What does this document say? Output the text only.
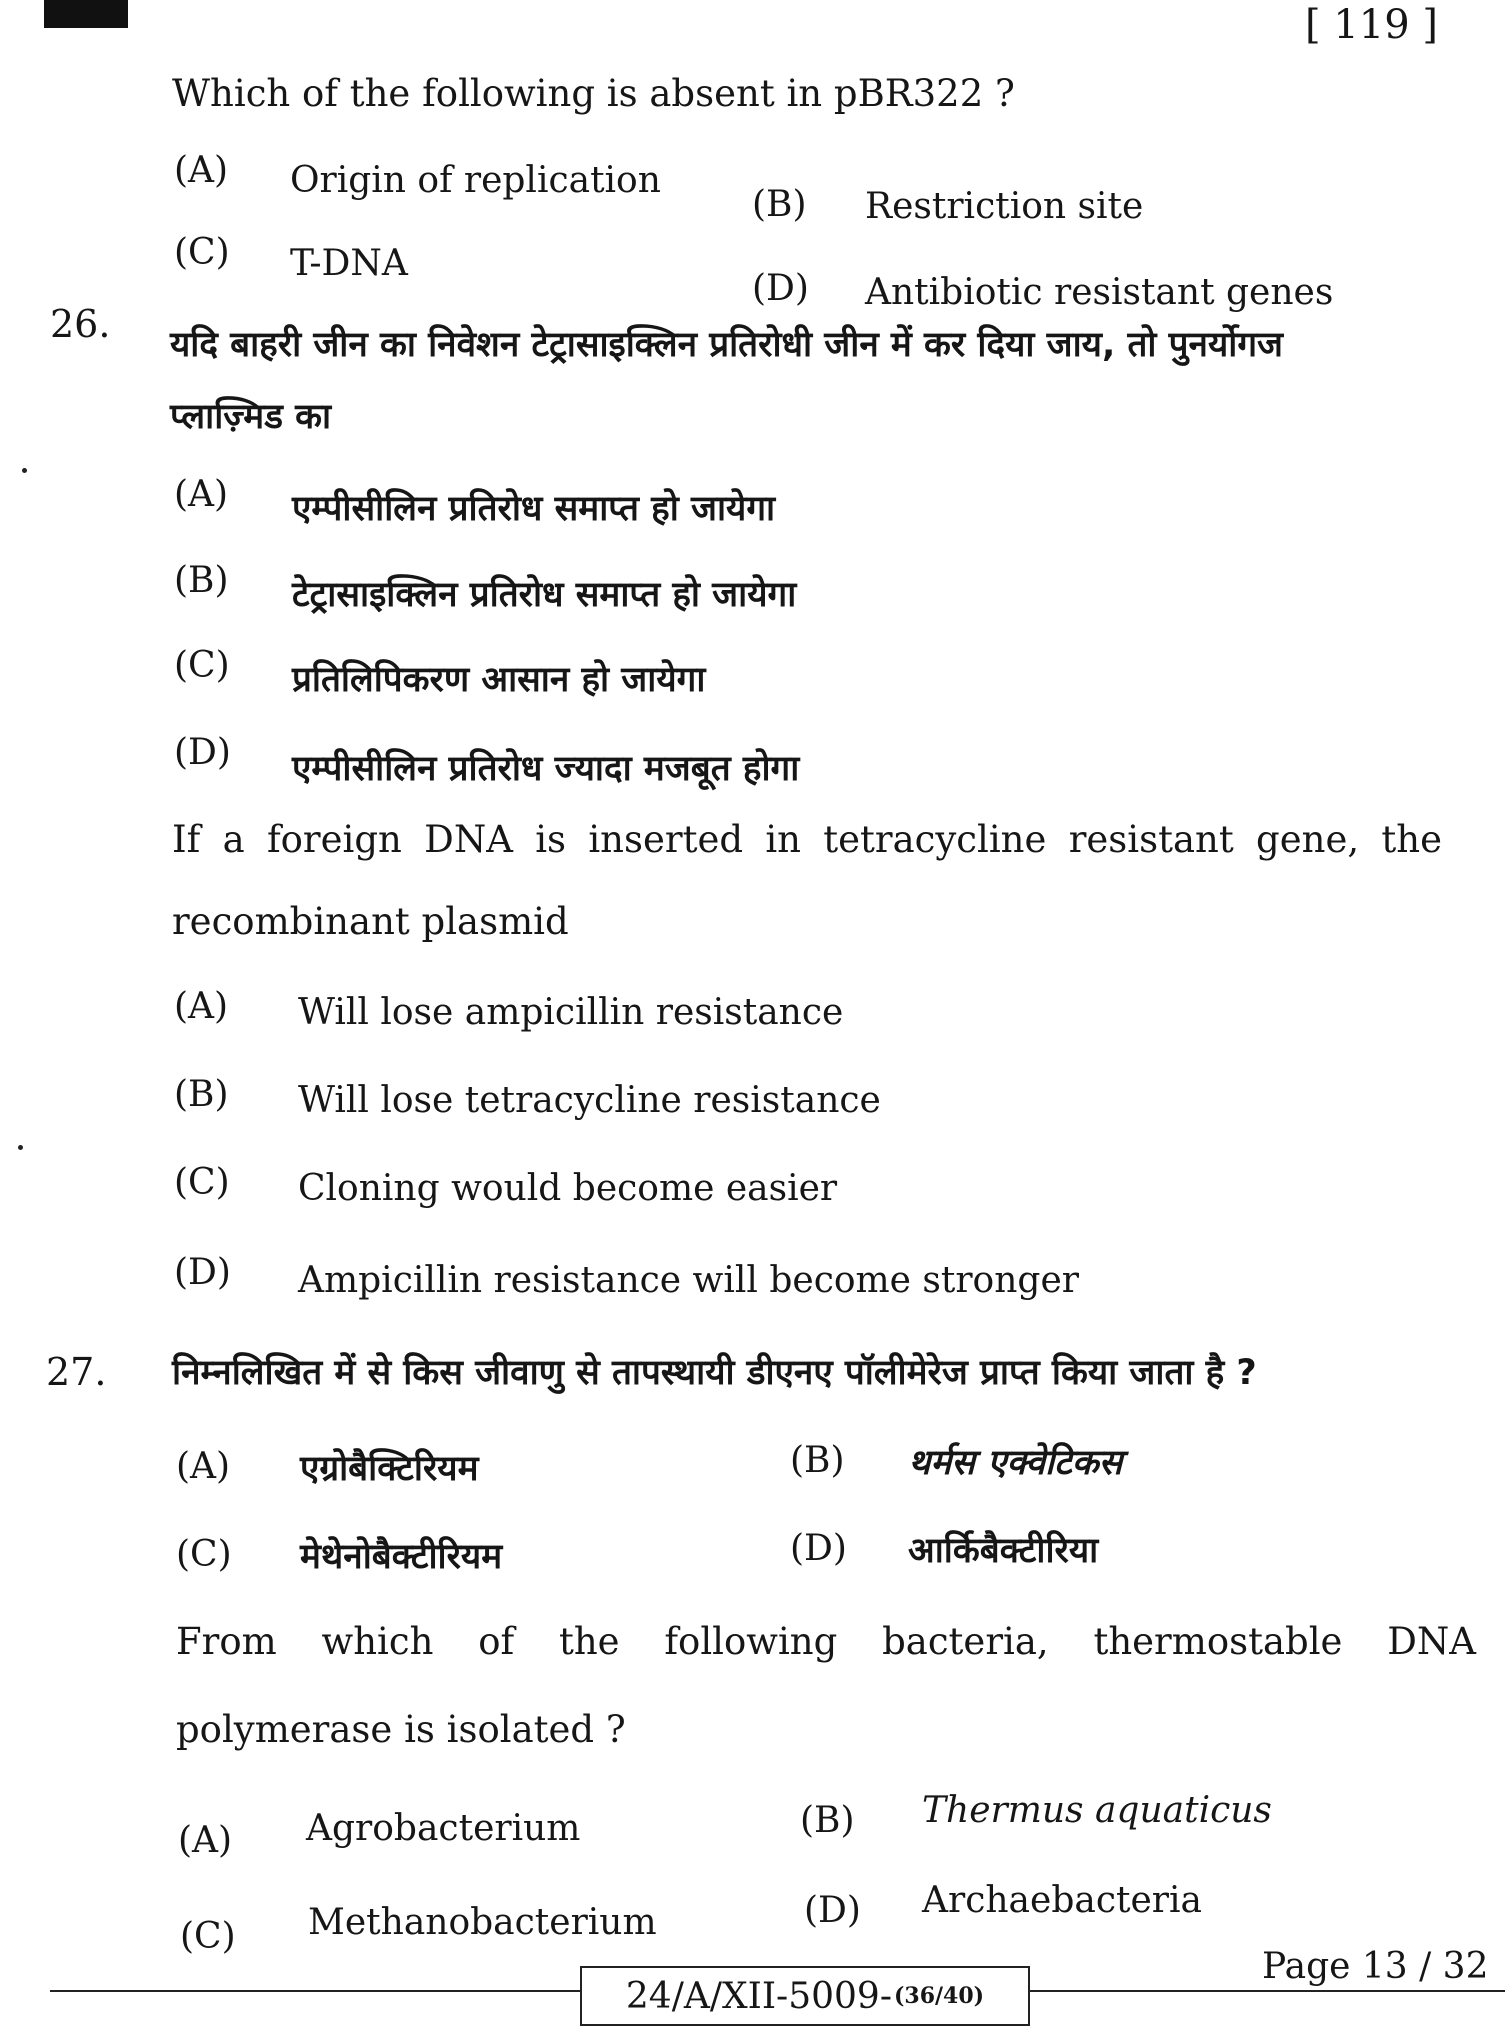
[ 119 ]
Which of the following is absent in pBR322 ?
(A) Origin of replication
(B) Restriction site
(C) T-DNA
(D) Antibiotic resistant genes
26. यदि बाहरी जीन का निवेशन टेट्रासाइक्लिन प्रतिरोधी जीन में कर दिया जाय, तो पुनर्योगज
प्लाज़्मिड का
(A) एम्पीसीलिन प्रतिरोध समाप्त हो जायेगा
(B) टेट्रासाइक्लिन प्रतिरोध समाप्त हो जायेगा
(C) प्रतिलिपिकरण आसान हो जायेगा
(D) एम्पीसीलिन प्रतिरोध ज्यादा मजबूत होगा
If a foreign DNA is inserted in tetracycline resistant gene, the
recombinant plasmid
(A) Will lose ampicillin resistance
(B) Will lose tetracycline resistance
(C) Cloning would become easier
(D) Ampicillin resistance will become stronger
27. निम्नलिखित में से किस जीवाणु से तापस्थायी डीएनए पॉलीमेरेज प्राप्त किया जाता है ?
(A) एग्रोबैक्टिरियम	(B) थर्मस एक्वेटिकस
(C) मेथेनोबैक्टीरियम	(D) आर्किबैक्टीरिया
From which of the following bacteria, thermostable DNA
polymerase is isolated ?
(A) Agrobacterium	(B) Thermus aquaticus
(C) Methanobacterium	(D) Archaebacteria
24/A/XII-5009- (36/40)
Page 13 / 32
